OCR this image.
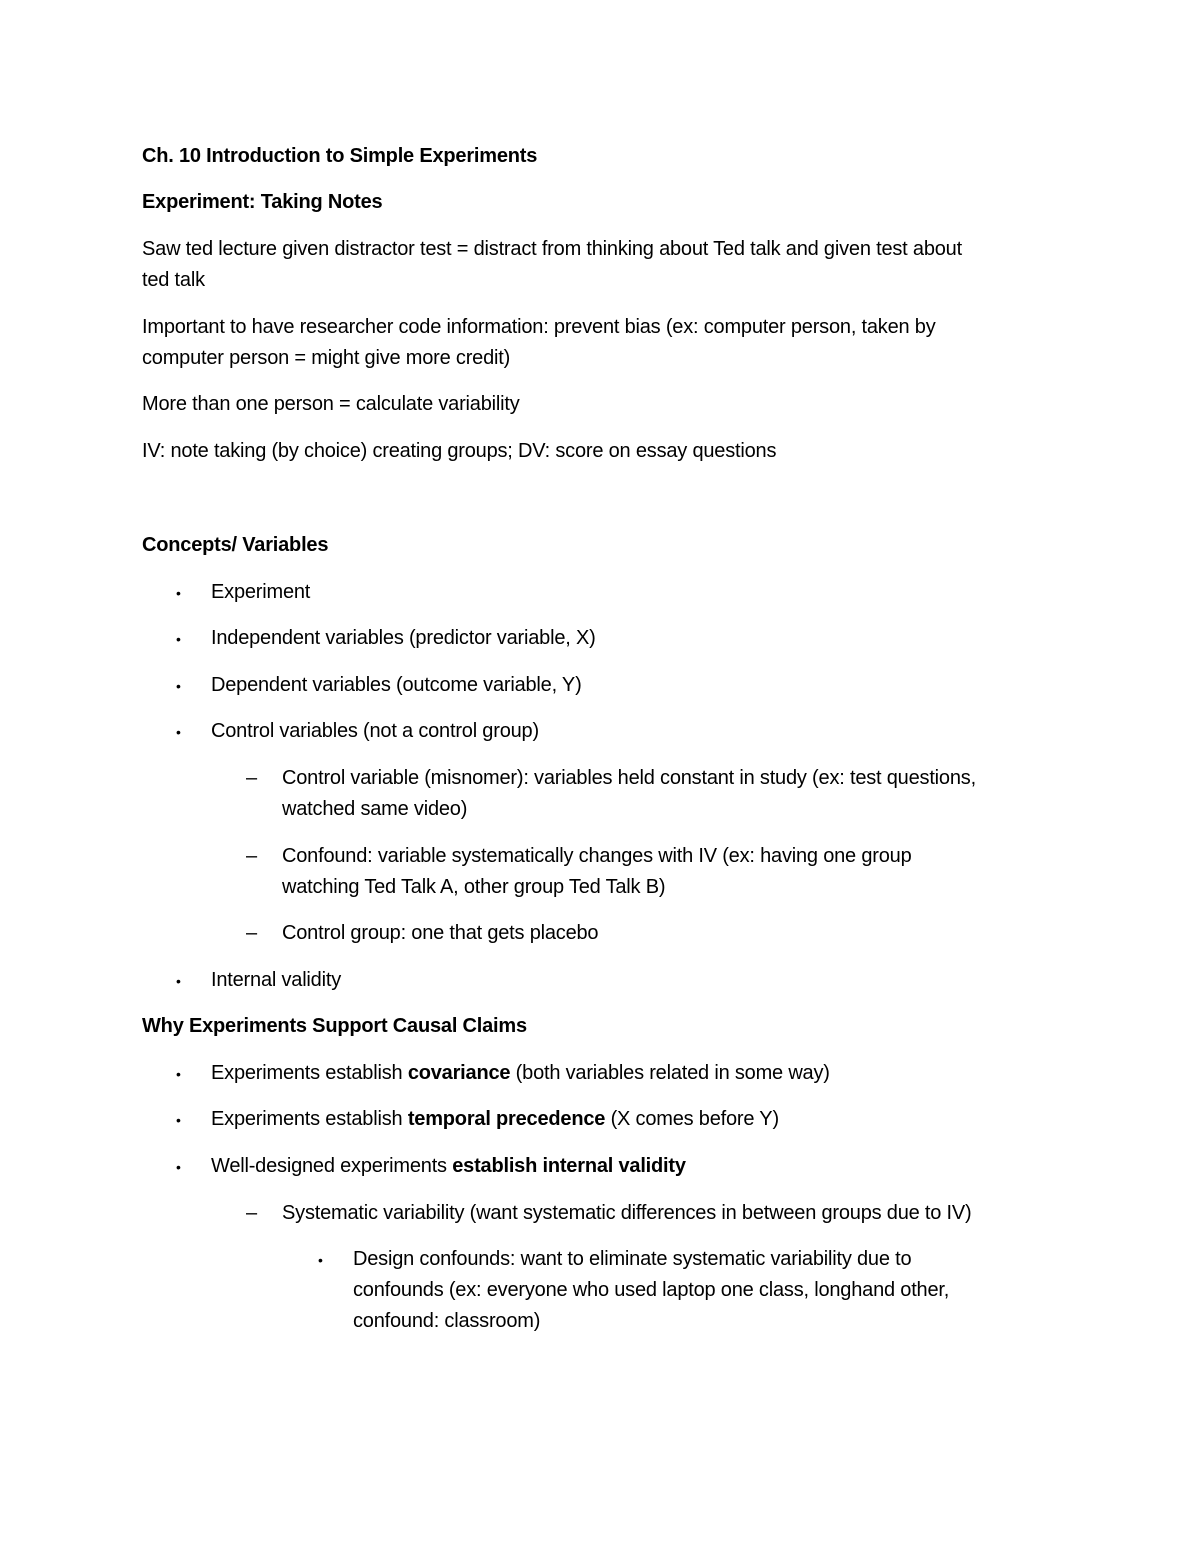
Ch. 10 Introduction to Simple Experiments
Experiment: Taking Notes
Saw ted lecture given distractor test = distract from thinking about Ted talk and given test about
ted talk
Important to have researcher code information: prevent bias (ex: computer person, taken by
computer person = might give more credit)
More than one person = calculate variability
IV: note taking (by choice) creating groups; DV: score on essay questions
Concepts/ Variables
• Experiment
• Independent variables (predictor variable, X)
• Dependent variables (outcome variable, Y)
• Control variables (not a control group)
– Control variable (misnomer): variables held constant in study (ex: test questions,
watched same video)
– Confound: variable systematically changes with IV (ex: having one group
watching Ted Talk A, other group Ted Talk B)
– Control group: one that gets placebo
• Internal validity
Why Experiments Support Causal Claims
• Experiments establish covariance (both variables related in some way)
• Experiments establish temporal precedence (X comes before Y)
• Well-designed experiments establish internal validity
– Systematic variability (want systematic differences in between groups due to IV)
• Design confounds: want to eliminate systematic variability due to
confounds (ex: everyone who used laptop one class, longhand other,
confound: classroom)
